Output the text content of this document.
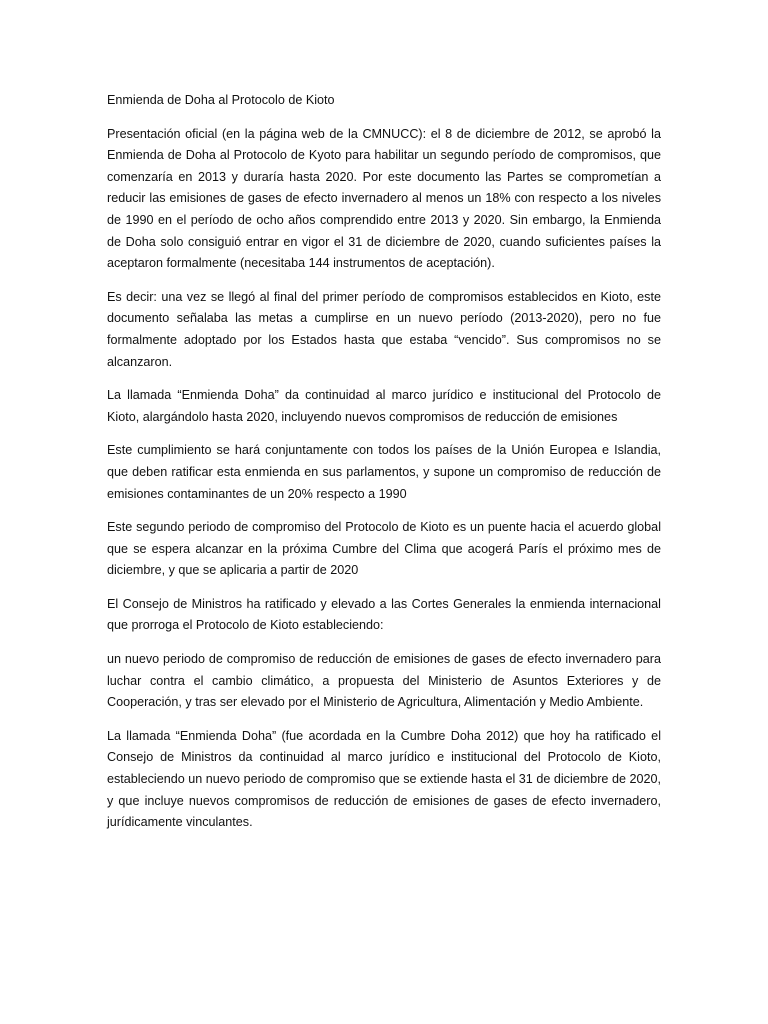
Enmienda de Doha al Protocolo de Kioto

Presentación oficial (en la página web de la CMNUCC): el 8 de diciembre de 2012, se aprobó la Enmienda de Doha al Protocolo de Kyoto para habilitar un segundo período de compromisos, que comenzaría en 2013 y duraría hasta 2020. Por este documento las Partes se comprometían a reducir las emisiones de gases de efecto invernadero al menos un 18% con respecto a los niveles de 1990 en el período de ocho años comprendido entre 2013 y 2020. Sin embargo, la Enmienda de Doha solo consiguió entrar en vigor el 31 de diciembre de 2020, cuando suficientes países la aceptaron formalmente (necesitaba 144 instrumentos de aceptación).

Es decir: una vez se llegó al final del primer período de compromisos establecidos en Kioto, este documento señalaba las metas a cumplirse en un nuevo período (2013-2020), pero no fue formalmente adoptado por los Estados hasta que estaba “vencido”. Sus compromisos no se alcanzaron.

La llamada “Enmienda Doha” da continuidad al marco jurídico e institucional del Protocolo de Kioto, alargándolo hasta 2020, incluyendo nuevos compromisos de reducción de emisiones

Este cumplimiento se hará conjuntamente con todos los países de la Unión Europea e Islandia, que deben ratificar esta enmienda en sus parlamentos, y supone un compromiso de reducción de emisiones contaminantes de un 20% respecto a 1990

Este segundo periodo de compromiso del Protocolo de Kioto es un puente hacia el acuerdo global que se espera alcanzar en la próxima Cumbre del Clima que acogerá París el próximo mes de diciembre, y que se aplicaria a partir de 2020

El Consejo de Ministros ha ratificado y elevado a las Cortes Generales la enmienda internacional que prorroga el Protocolo de Kioto estableciendo:

un nuevo periodo de compromiso de reducción de emisiones de gases de efecto invernadero para luchar contra el cambio climático, a propuesta del Ministerio de Asuntos Exteriores y de Cooperación, y tras ser elevado por el Ministerio de Agricultura, Alimentación y Medio Ambiente.

La llamada “Enmienda Doha” (fue acordada en la Cumbre Doha 2012) que hoy ha ratificado el Consejo de Ministros da continuidad al marco jurídico e institucional del Protocolo de Kioto, estableciendo un nuevo periodo de compromiso que se extiende hasta el 31 de diciembre de 2020, y que incluye nuevos compromisos de reducción de emisiones de gases de efecto invernadero, jurídicamente vinculantes.
